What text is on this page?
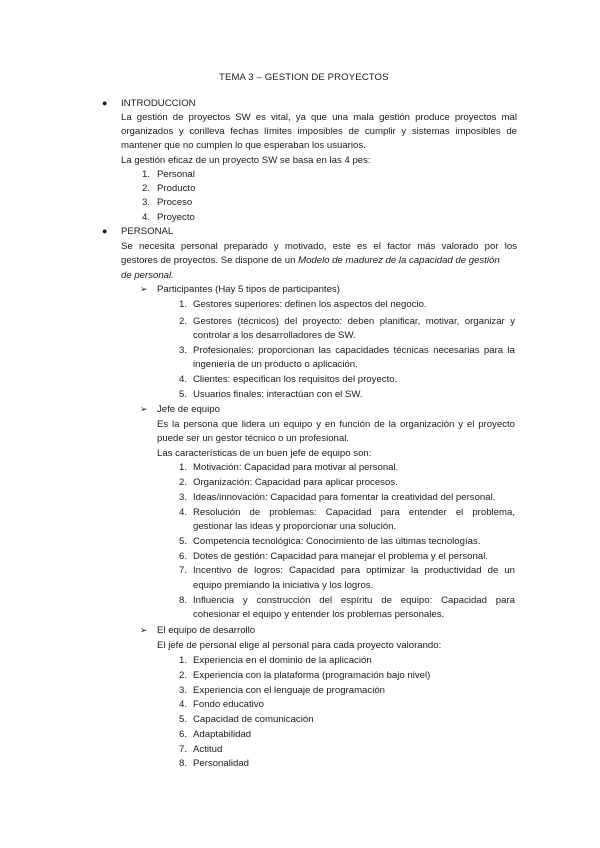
TEMA 3 – GESTION DE PROYECTOS
● INTRODUCCION
La gestión de proyectos SW es vital, ya que una mala gestión produce proyectos mal
organizados y conlleva fechas límites imposibles de cumplir y sistemas imposibles de
mantener que no cumplen lo que esperaban los usuarios.
La gestión eficaz de un proyecto SW se basa en las 4 pes:
1. Personal
2. Producto
3. Proceso
4. Proyecto
● PERSONAL
Se necesita personal preparado y motivado, este es el factor más valorado por los
gestores de proyectos. Se dispone de un Modelo de madurez de la capacidad de gestión
de personal.
➢ Participantes (Hay 5 tipos de participantes)
1. Gestores superiores: definen los aspectos del negocio.
2. Gestores (técnicos) del proyecto: deben planificar, motivar, organizar y
controlar a los desarrolladores de SW.
3. Profesionales: proporcionan las capacidades técnicas necesarias para la
ingeniería de un producto o aplicación.
4. Clientes: especifican los requisitos del proyecto.
5. Usuarios finales: interactúan con el SW.
➢ Jefe de equipo
Es la persona que lidera un equipo y en función de la organización y el proyecto
puede ser un gestor técnico o un profesional.
Las características de un buen jefe de equipo son:
1. Motivación: Capacidad para motivar al personal.
2. Organización: Capacidad para aplicar procesos.
3. Ideas/innovación: Capacidad para fomentar la creatividad del personal.
4. Resolución de problemas: Capacidad para entender el problema,
gestionar las ideas y proporcionar una solución.
5. Competencia tecnológica: Conocimiento de las últimas tecnologías.
6. Dotes de gestión: Capacidad para manejar el problema y el personal.
7. Incentivo de logros: Capacidad para optimizar la productividad de un
equipo premiando la iniciativa y los logros.
8. Influencia y construcción del espíritu de equipo: Capacidad para
cohesionar el equipo y entender los problemas personales.
➢ El equipo de desarrollo
El jefe de personal elige al personal para cada proyecto valorando:
1. Experiencia en el dominio de la aplicación
2. Experiencia con la plataforma (programación bajo nivel)
3. Experiencia con el lenguaje de programación
4. Fondo educativo
5. Capacidad de comunicación
6. Adaptabilidad
7. Actitud
8. Personalidad
